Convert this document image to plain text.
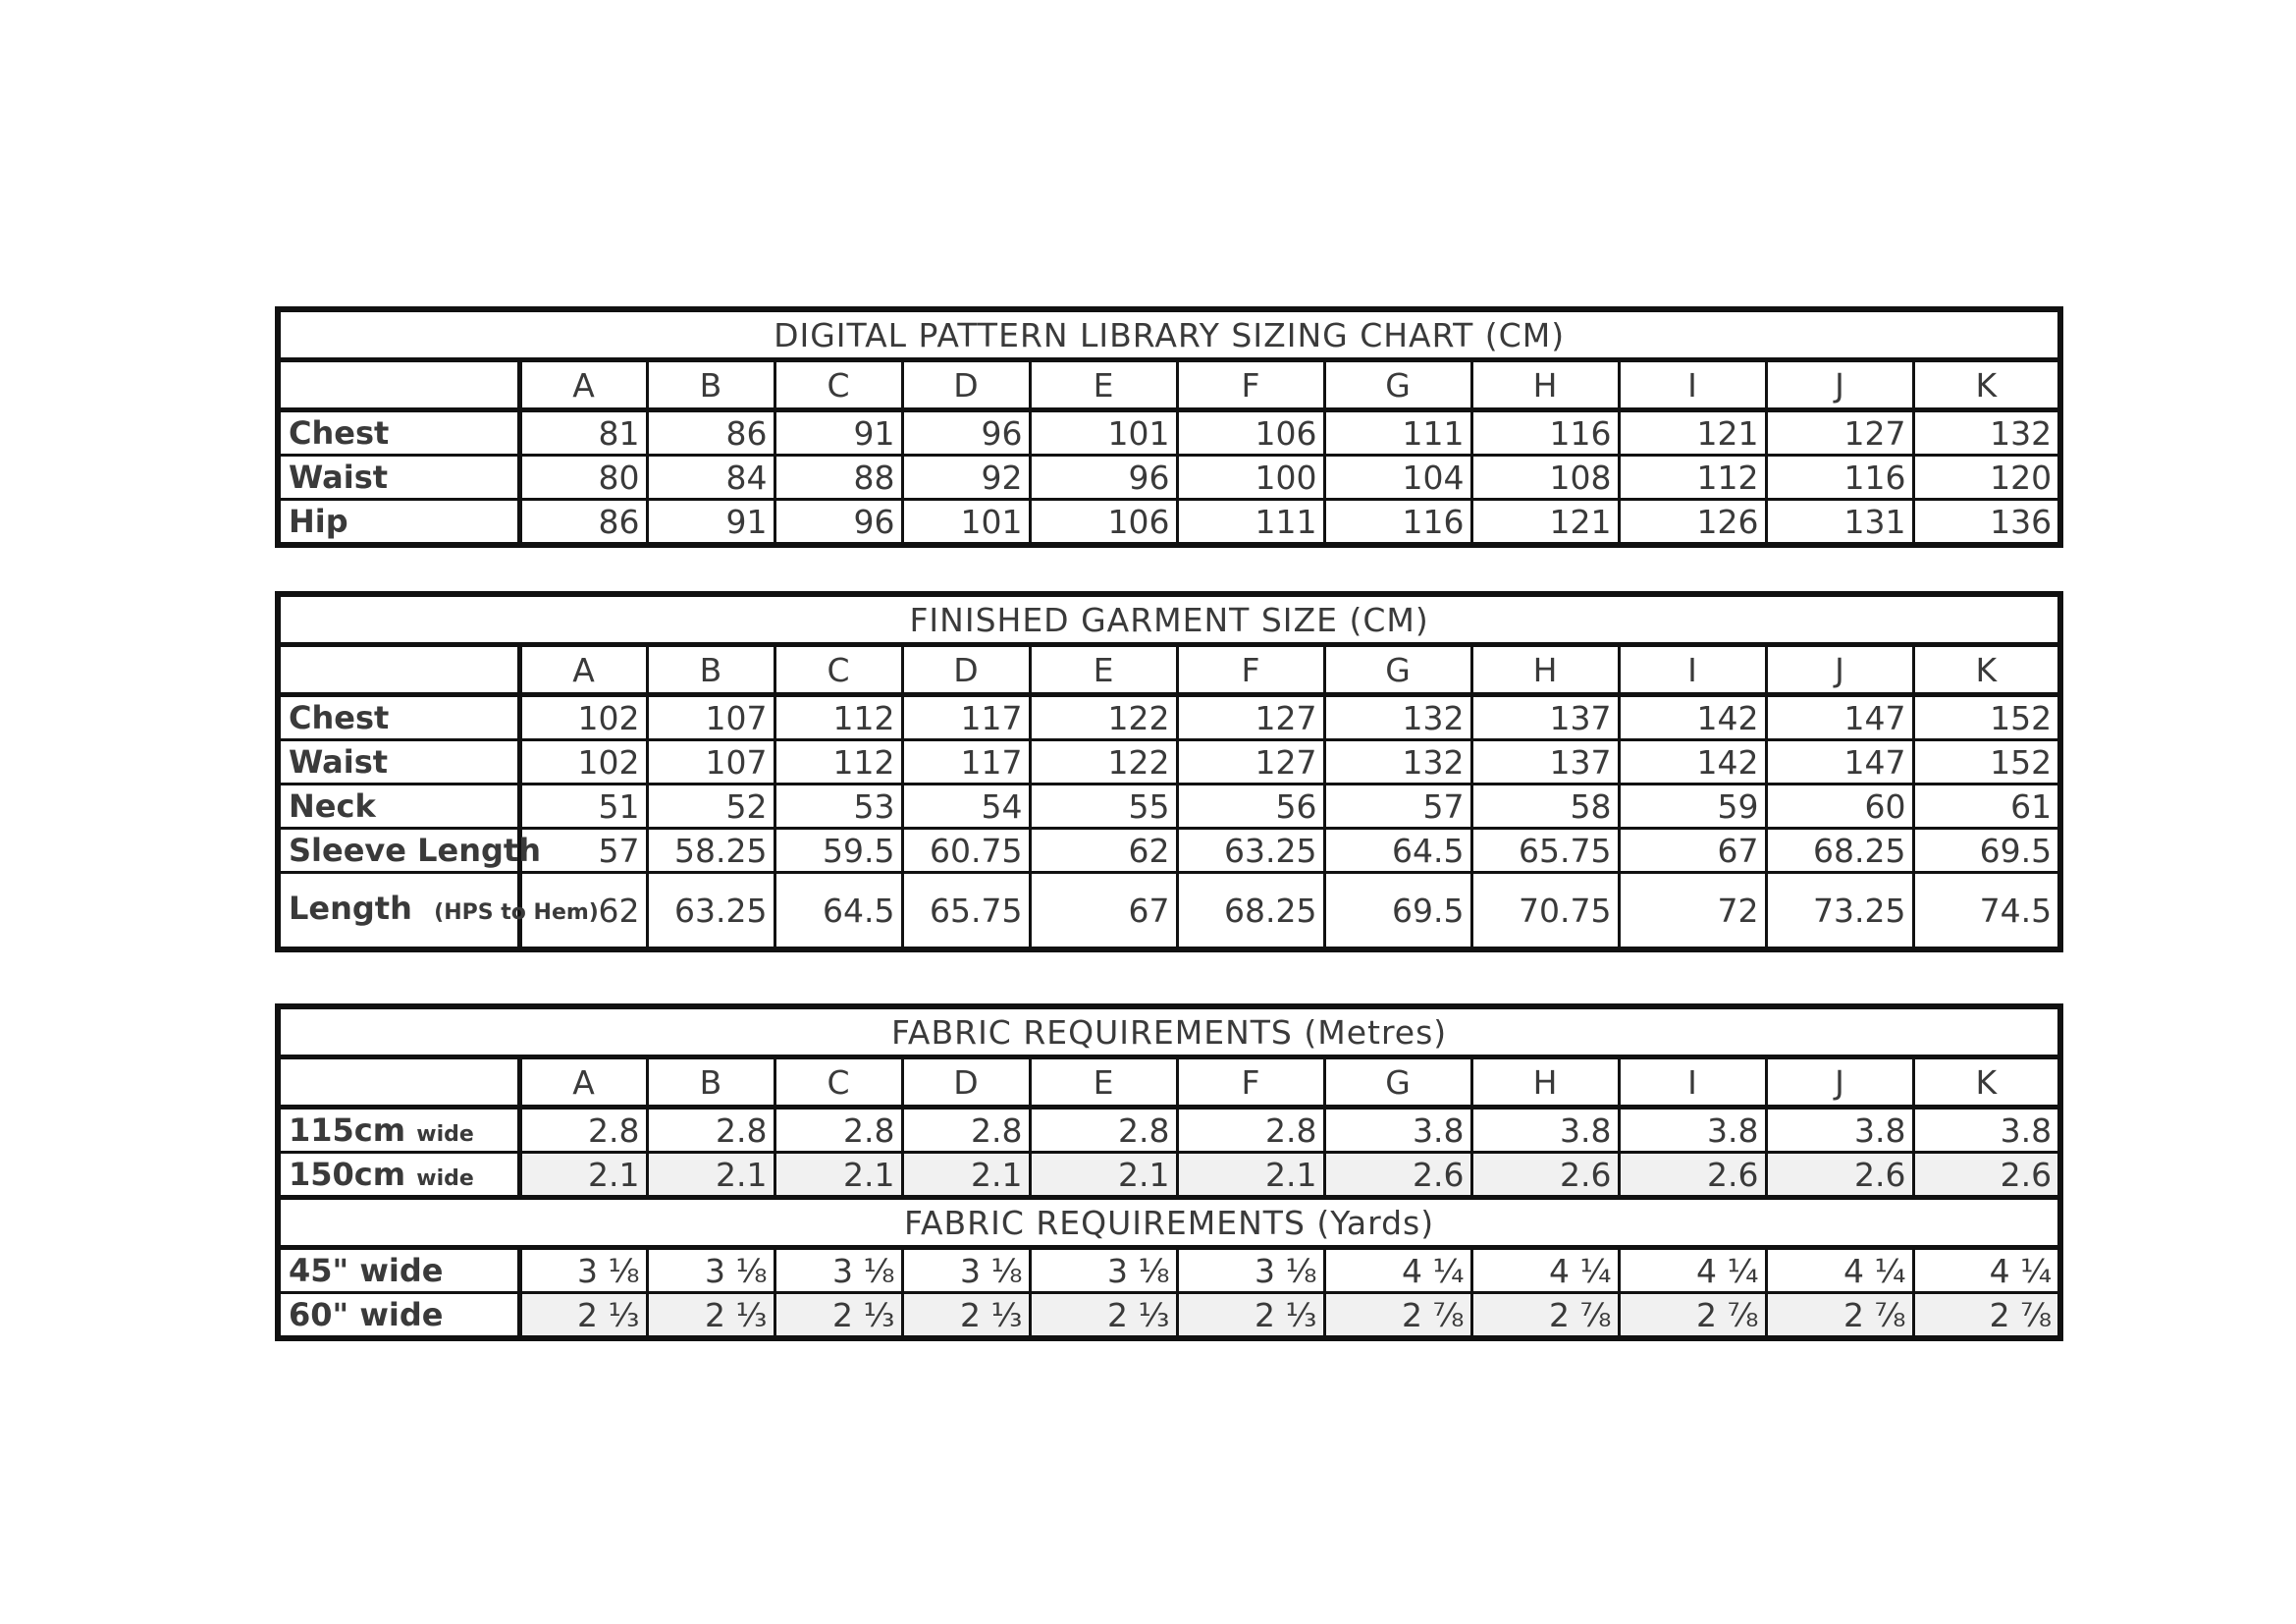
DIGITAL PATTERN LIBRARY SIZING CHART (CM)											
	A	B	C	D	E	F	G	H	I	J	K
Chest	81	86	91	96	101	106	111	116	121	127	132
Waist	80	84	88	92	96	100	104	108	112	116	120
Hip	86	91	96	101	106	111	116	121	126	131	136
FINISHED GARMENT SIZE (CM)											
	A	B	C	D	E	F	G	H	I	J	K
Chest	102	107	112	117	122	127	132	137	142	147	152
Waist	102	107	112	117	122	127	132	137	142	147	152
Neck	51	52	53	54	55	56	57	58	59	60	61
Sleeve Length	57	58.25	59.5	60.75	62	63.25	64.5	65.75	67	68.25	69.5
Length (HPS to Hem)	62	63.25	64.5	65.75	67	68.25	69.5	70.75	72	73.25	74.5
FABRIC REQUIREMENTS (Metres)											
	A	B	C	D	E	F	G	H	I	J	K
115cm wide	2.8	2.8	2.8	2.8	2.8	2.8	3.8	3.8	3.8	3.8	3.8
150cm wide	2.1	2.1	2.1	2.1	2.1	2.1	2.6	2.6	2.6	2.6	2.6
FABRIC REQUIREMENTS (Yards)											
45" wide	3 ⅛	3 ⅛	3 ⅛	3 ⅛	3 ⅛	3 ⅛	4 ¼	4 ¼	4 ¼	4 ¼	4 ¼
60" wide	2 ⅓	2 ⅓	2 ⅓	2 ⅓	2 ⅓	2 ⅓	2 ⅞	2 ⅞	2 ⅞	2 ⅞	2 ⅞
